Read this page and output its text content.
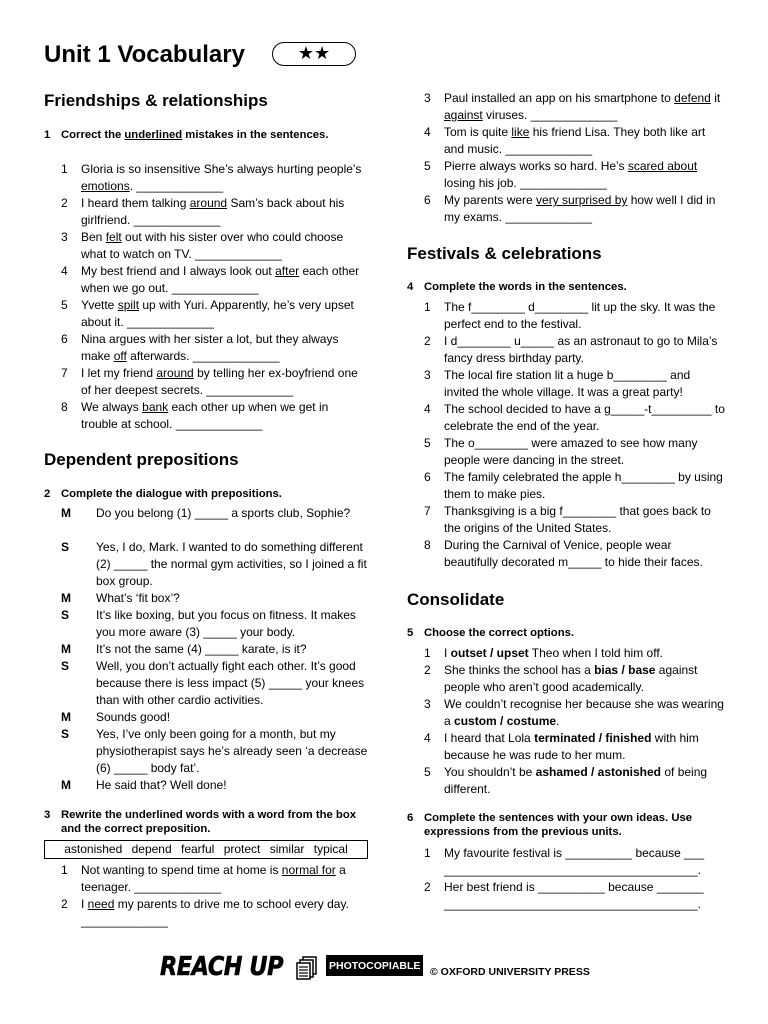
Unit 1 Vocabulary	★★
Friendships & relationships
1 Correct the underlined mistakes in the sentences.
1 Gloria is so insensitive She’s always hurting people’s emotions. _____________
2 I heard them talking around Sam’s back about his girlfriend. _____________
3 Ben felt out with his sister over who could choose what to watch on TV. _____________
4 My best friend and I always look out after each other when we go out. _____________
5 Yvette spilt up with Yuri. Apparently, he’s very upset about it. _____________
6 Nina argues with her sister a lot, but they always make off afterwards. _____________
7 I let my friend around by telling her ex-boyfriend one of her deepest secrets. _____________
8 We always bank each other up when we get in trouble at school. _____________
Dependent prepositions
2 Complete the dialogue with prepositions.
M Do you belong (1) _____ a sports club, Sophie?
S Yes, I do, Mark. I wanted to do something different (2) _____ the normal gym activities, so I joined a fit box group.
M What’s ‘fit box’?
S It’s like boxing, but you focus on fitness. It makes you more aware (3) _____ your body.
M It’s not the same (4) _____ karate, is it?
S Well, you don’t actually fight each other. It’s good because there is less impact (5) _____ your knees than with other cardio activities.
M Sounds good!
S Yes, I’ve only been going for a month, but my physiotherapist says he’s already seen ‘a decrease (6) _____ body fat’.
M He said that? Well done!
3 Rewrite the underlined words with a word from the box and the correct preposition.
astonished depend fearful protect similar typical
1 Not wanting to spend time at home is normal for a teenager. _____________
2 I need my parents to drive me to school every day. _____________
3 Paul installed an app on his smartphone to defend it against viruses. _____________
4 Tom is quite like his friend Lisa. They both like art and music. _____________
5 Pierre always works so hard. He’s scared about losing his job. _____________
6 My parents were very surprised by how well I did in my exams. _____________
Festivals & celebrations
4 Complete the words in the sentences.
1 The f________ d________ lit up the sky. It was the perfect end to the festival.
2 I d________ u_____ as an astronaut to go to Mila’s fancy dress birthday party.
3 The local fire station lit a huge b________ and invited the whole village. It was a great party!
4 The school decided to have a g_____-t_________ to celebrate the end of the year.
5 The o________ were amazed to see how many people were dancing in the street.
6 The family celebrated the apple h________ by using them to make pies.
7 Thanksgiving is a big f________ that goes back to the origins of the United States.
8 During the Carnival of Venice, people wear beautifully decorated m_____ to hide their faces.
Consolidate
5 Choose the correct options.
1 I outset / upset Theo when I told him off.
2 She thinks the school has a bias / base against people who aren’t good academically.
3 We couldn’t recognise her because she was wearing a custom / costume.
4 I heard that Lola terminated / finished with him because he was rude to her mum.
5 You shouldn’t be ashamed / astonished of being different.
6 Complete the sentences with your own ideas. Use expressions from the previous units.
1 My favourite festival is __________ because ___ ______________________________________.
2 Her best friend is __________ because _______ ______________________________________.
REACH UP	PHOTOCOPIABLE © OXFORD UNIVERSITY PRESS
